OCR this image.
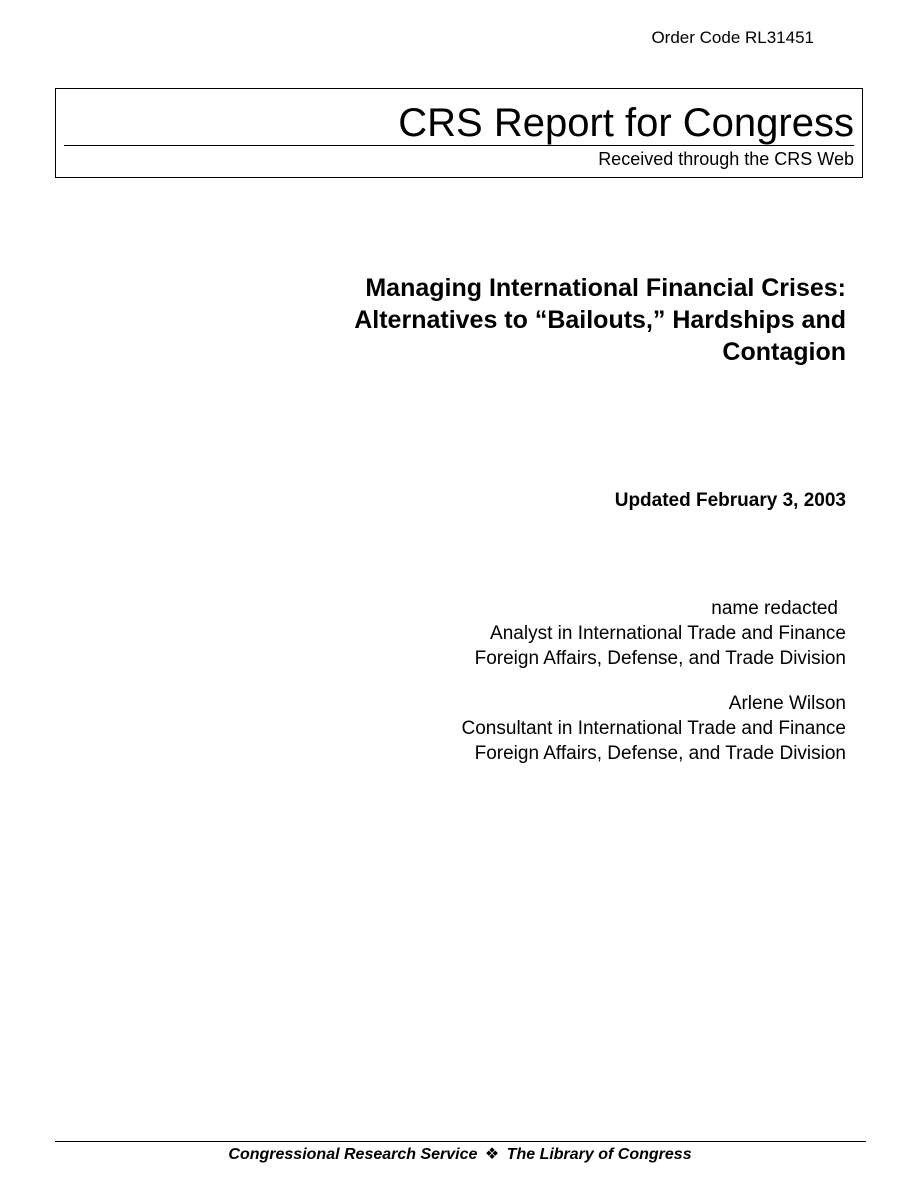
Order Code RL31451
CRS Report for Congress
Received through the CRS Web
Managing International Financial Crises:
Alternatives to “Bailouts,” Hardships and
Contagion
Updated February 3, 2003
name redacted
Analyst in International Trade and Finance
Foreign Affairs, Defense, and Trade Division
Arlene Wilson
Consultant in International Trade and Finance
Foreign Affairs, Defense, and Trade Division
Congressional Research Service ❖ The Library of Congress
